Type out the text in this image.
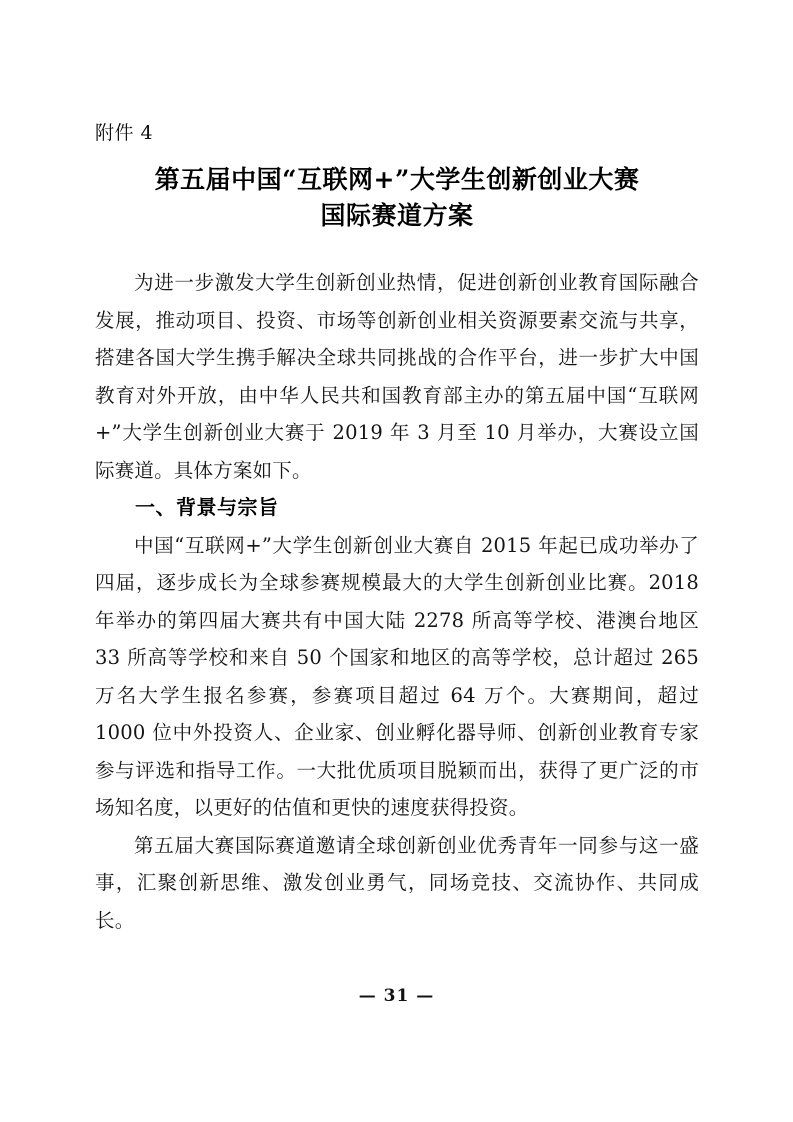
附件 4
第五届中国“互联网+”大学生创新创业大赛
国际赛道方案

为进一步激发大学生创新创业热情，促进创新创业教育国际融合发展，推动项目、投资、市场等创新创业相关资源要素交流与共享，搭建各国大学生携手解决全球共同挑战的合作平台，进一步扩大中国教育对外开放，由中华人民共和国教育部主办的第五届中国“互联网+”大学生创新创业大赛于 2019 年 3 月至 10 月举办，大赛设立国际赛道。具体方案如下。

一、背景与宗旨

中国“互联网+”大学生创新创业大赛自 2015 年起已成功举办了四届，逐步成长为全球参赛规模最大的大学生创新创业比赛。2018 年举办的第四届大赛共有中国大陆 2278 所高等学校、港澳台地区 33 所高等学校和来自 50 个国家和地区的高等学校，总计超过 265 万名大学生报名参赛，参赛项目超过 64 万个。大赛期间，超过 1000 位中外投资人、企业家、创业孵化器导师、创新创业教育专家参与评选和指导工作。一大批优质项目脱颖而出，获得了更广泛的市场知名度，以更好的估值和更快的速度获得投资。

第五届大赛国际赛道邀请全球创新创业优秀青年一同参与这一盛事，汇聚创新思维、激发创业勇气，同场竞技、交流协作、共同成长。

— 31 —
